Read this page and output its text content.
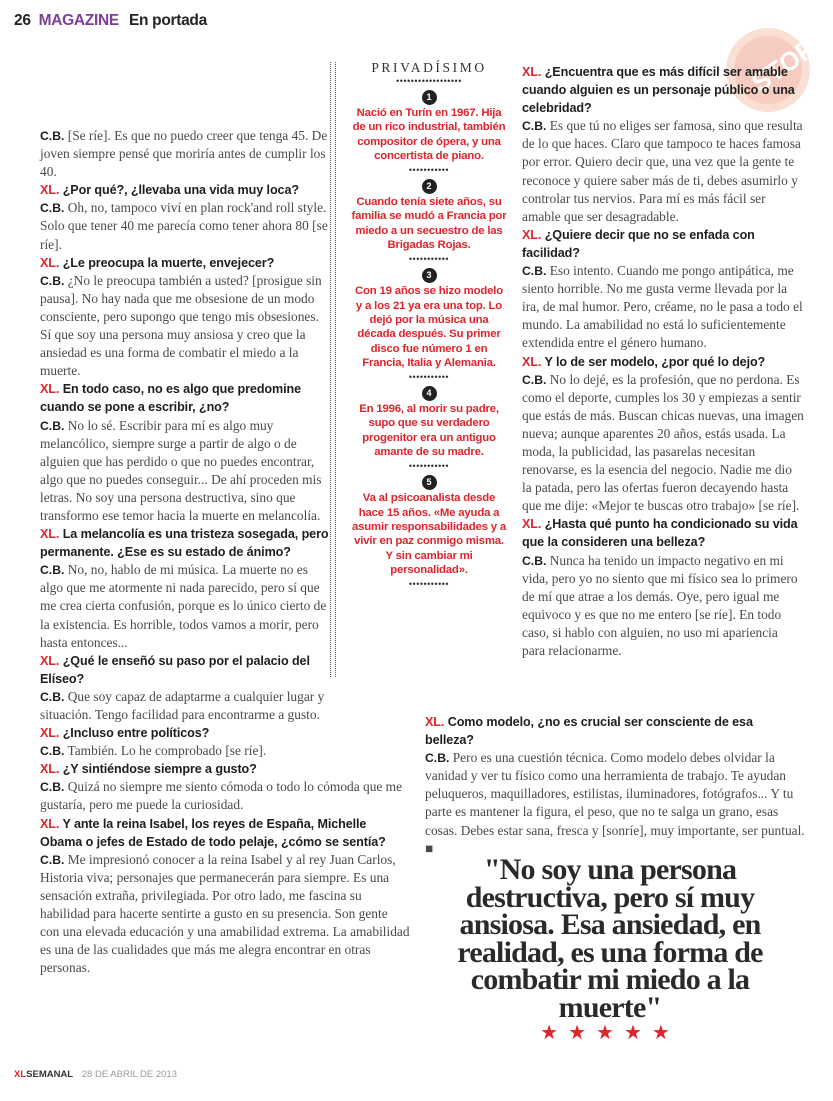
26 MAGAZINE En portada
STOP

C.B. [Se ríe]. Es que no puedo creer que tenga 45. De joven siempre pensé que moriría antes de cumplir los 40.

XL. ¿Por qué?, ¿llevaba una vida muy loca?

C.B. Oh, no, tampoco viví en plan rock'and roll style. Solo que tener 40 me parecía como tener ahora 80 [se ríe].

XL. ¿Le preocupa la muerte, envejecer?

C.B. ¿No le preocupa también a usted? [prosigue sin pausa]. No hay nada que me obsesione de un modo consciente, pero supongo que tengo mis obsesiones. Sí que soy una persona muy ansiosa y creo que la ansiedad es una forma de combatir el miedo a la muerte.

XL. En todo caso, no es algo que predomine cuando se pone a escribir, ¿no?

C.B. No lo sé. Escribir para mí es algo muy melancólico, siempre surge a partir de algo o de alguien que has perdido o que no puedes encontrar, algo que no puedes conseguir... De ahí proceden mis letras. No soy una persona destructiva, sino que transformo ese temor hacia la muerte en melancolía.

XL. La melancolía es una tristeza sosegada, pero permanente. ¿Ese es su estado de ánimo?

C.B. No, no, hablo de mi música. La muerte no es algo que me atormente ni nada parecido, pero sí que me crea cierta confusión, porque es lo único cierto de la existencia. Es horrible, todos vamos a morir, pero hasta entonces...

XL. ¿Qué le enseñó su paso por el palacio del Elíseo?

C.B. Que soy capaz de adaptarme a cualquier lugar y situación. Tengo facilidad para encontrarme a gusto.

XL. ¿Incluso entre políticos?

C.B. También. Lo he comprobado [se ríe].

XL. ¿Y sintiéndose siempre a gusto?

C.B. Quizá no siempre me siento cómoda o todo lo cómoda que me gustaría, pero me puede la curiosidad.

XL. Y ante la reina Isabel, los reyes de España, Michelle Obama o jefes de Estado de todo pelaje, ¿cómo se sentía?

C.B. Me impresionó conocer a la reina Isabel y al rey Juan Carlos, Historia viva; personajes que permanecerán para siempre. Es una sensación extraña, privilegiada. Por otro lado, me fascina su habilidad para hacerte sentirte a gusto en su presencia. Son gente con una elevada educación y una amabilidad extrema. La amabilidad es una de las cualidades que más me alegra encontrar en otras personas.

PRIVADÍSIMO
••••••••••••••••••
1
Nació en Turín en 1967. Hija de un rico industrial, también compositor de ópera, y una concertista de piano.
•••••••••••
2
Cuando tenía siete años, su familia se mudó a Francia por miedo a un secuestro de las Brigadas Rojas.
•••••••••••
3
Con 19 años se hizo modelo y a los 21 ya era una top. Lo dejó por la música una década después. Su primer disco fue número 1 en Francia, Italia y Alemania.
•••••••••••
4
En 1996, al morir su padre, supo que su verdadero progenitor era un antiguo amante de su madre.
•••••••••••
5
Va al psicoanalista desde hace 15 años. «Me ayuda a asumir responsabilidades y a vivir en paz conmigo misma. Y sin cambiar mi personalidad».
•••••••••••

XL. ¿Encuentra que es más difícil ser amable cuando alguien es un personaje público o una celebridad?

C.B. Es que tú no eliges ser famosa, sino que resulta de lo que haces. Claro que tampoco te haces famosa por error. Quiero decir que, una vez que la gente te reconoce y quiere saber más de ti, debes asumirlo y controlar tus nervios. Para mí es más fácil ser amable que ser desagradable.

XL. ¿Quiere decir que no se enfada con facilidad?

C.B. Eso intento. Cuando me pongo antipática, me siento horrible. No me gusta verme llevada por la ira, de mal humor. Pero, créame, no le pasa a todo el mundo. La amabilidad no está lo suficientemente extendida entre el género humano.

XL. Y lo de ser modelo, ¿por qué lo dejo?

C.B. No lo dejé, es la profesión, que no perdona. Es como el deporte, cumples los 30 y empiezas a sentir que estás de más. Buscan chicas nuevas, una imagen nueva; aunque aparentes 20 años, estás usada. La moda, la publicidad, las pasarelas necesitan renovarse, es la esencia del negocio. Nadie me dio la patada, pero las ofertas fueron decayendo hasta que me dije: «Mejor te buscas otro trabajo» [se ríe].

XL. ¿Hasta qué punto ha condicionado su vida que la consideren una belleza?

C.B. Nunca ha tenido un impacto negativo en mi vida, pero yo no siento que mi físico sea lo primero de mí que atrae a los demás. Oye, pero igual me equivoco y es que no me entero [se ríe]. En todo caso, si hablo con alguien, no uso mi apariencia para relacionarme.

XL. Como modelo, ¿no es crucial ser consciente de esa belleza?

C.B. Pero es una cuestión técnica. Como modelo debes olvidar la vanidad y ver tu físico como una herramienta de trabajo. Te ayudan peluqueros, maquilladores, estilistas, iluminadores, fotógrafos... Y tu parte es mantener la figura, el peso, que no te salga un grano, esas cosas. Debes estar sana, fresca y [sonríe], muy importante, ser puntual. ■

"No soy una persona destructiva, pero sí muy ansiosa. Esa ansiedad, en realidad, es una forma de combatir mi miedo a la muerte"
★★★★★
XLSEMANAL 28 DE ABRIL DE 2013
